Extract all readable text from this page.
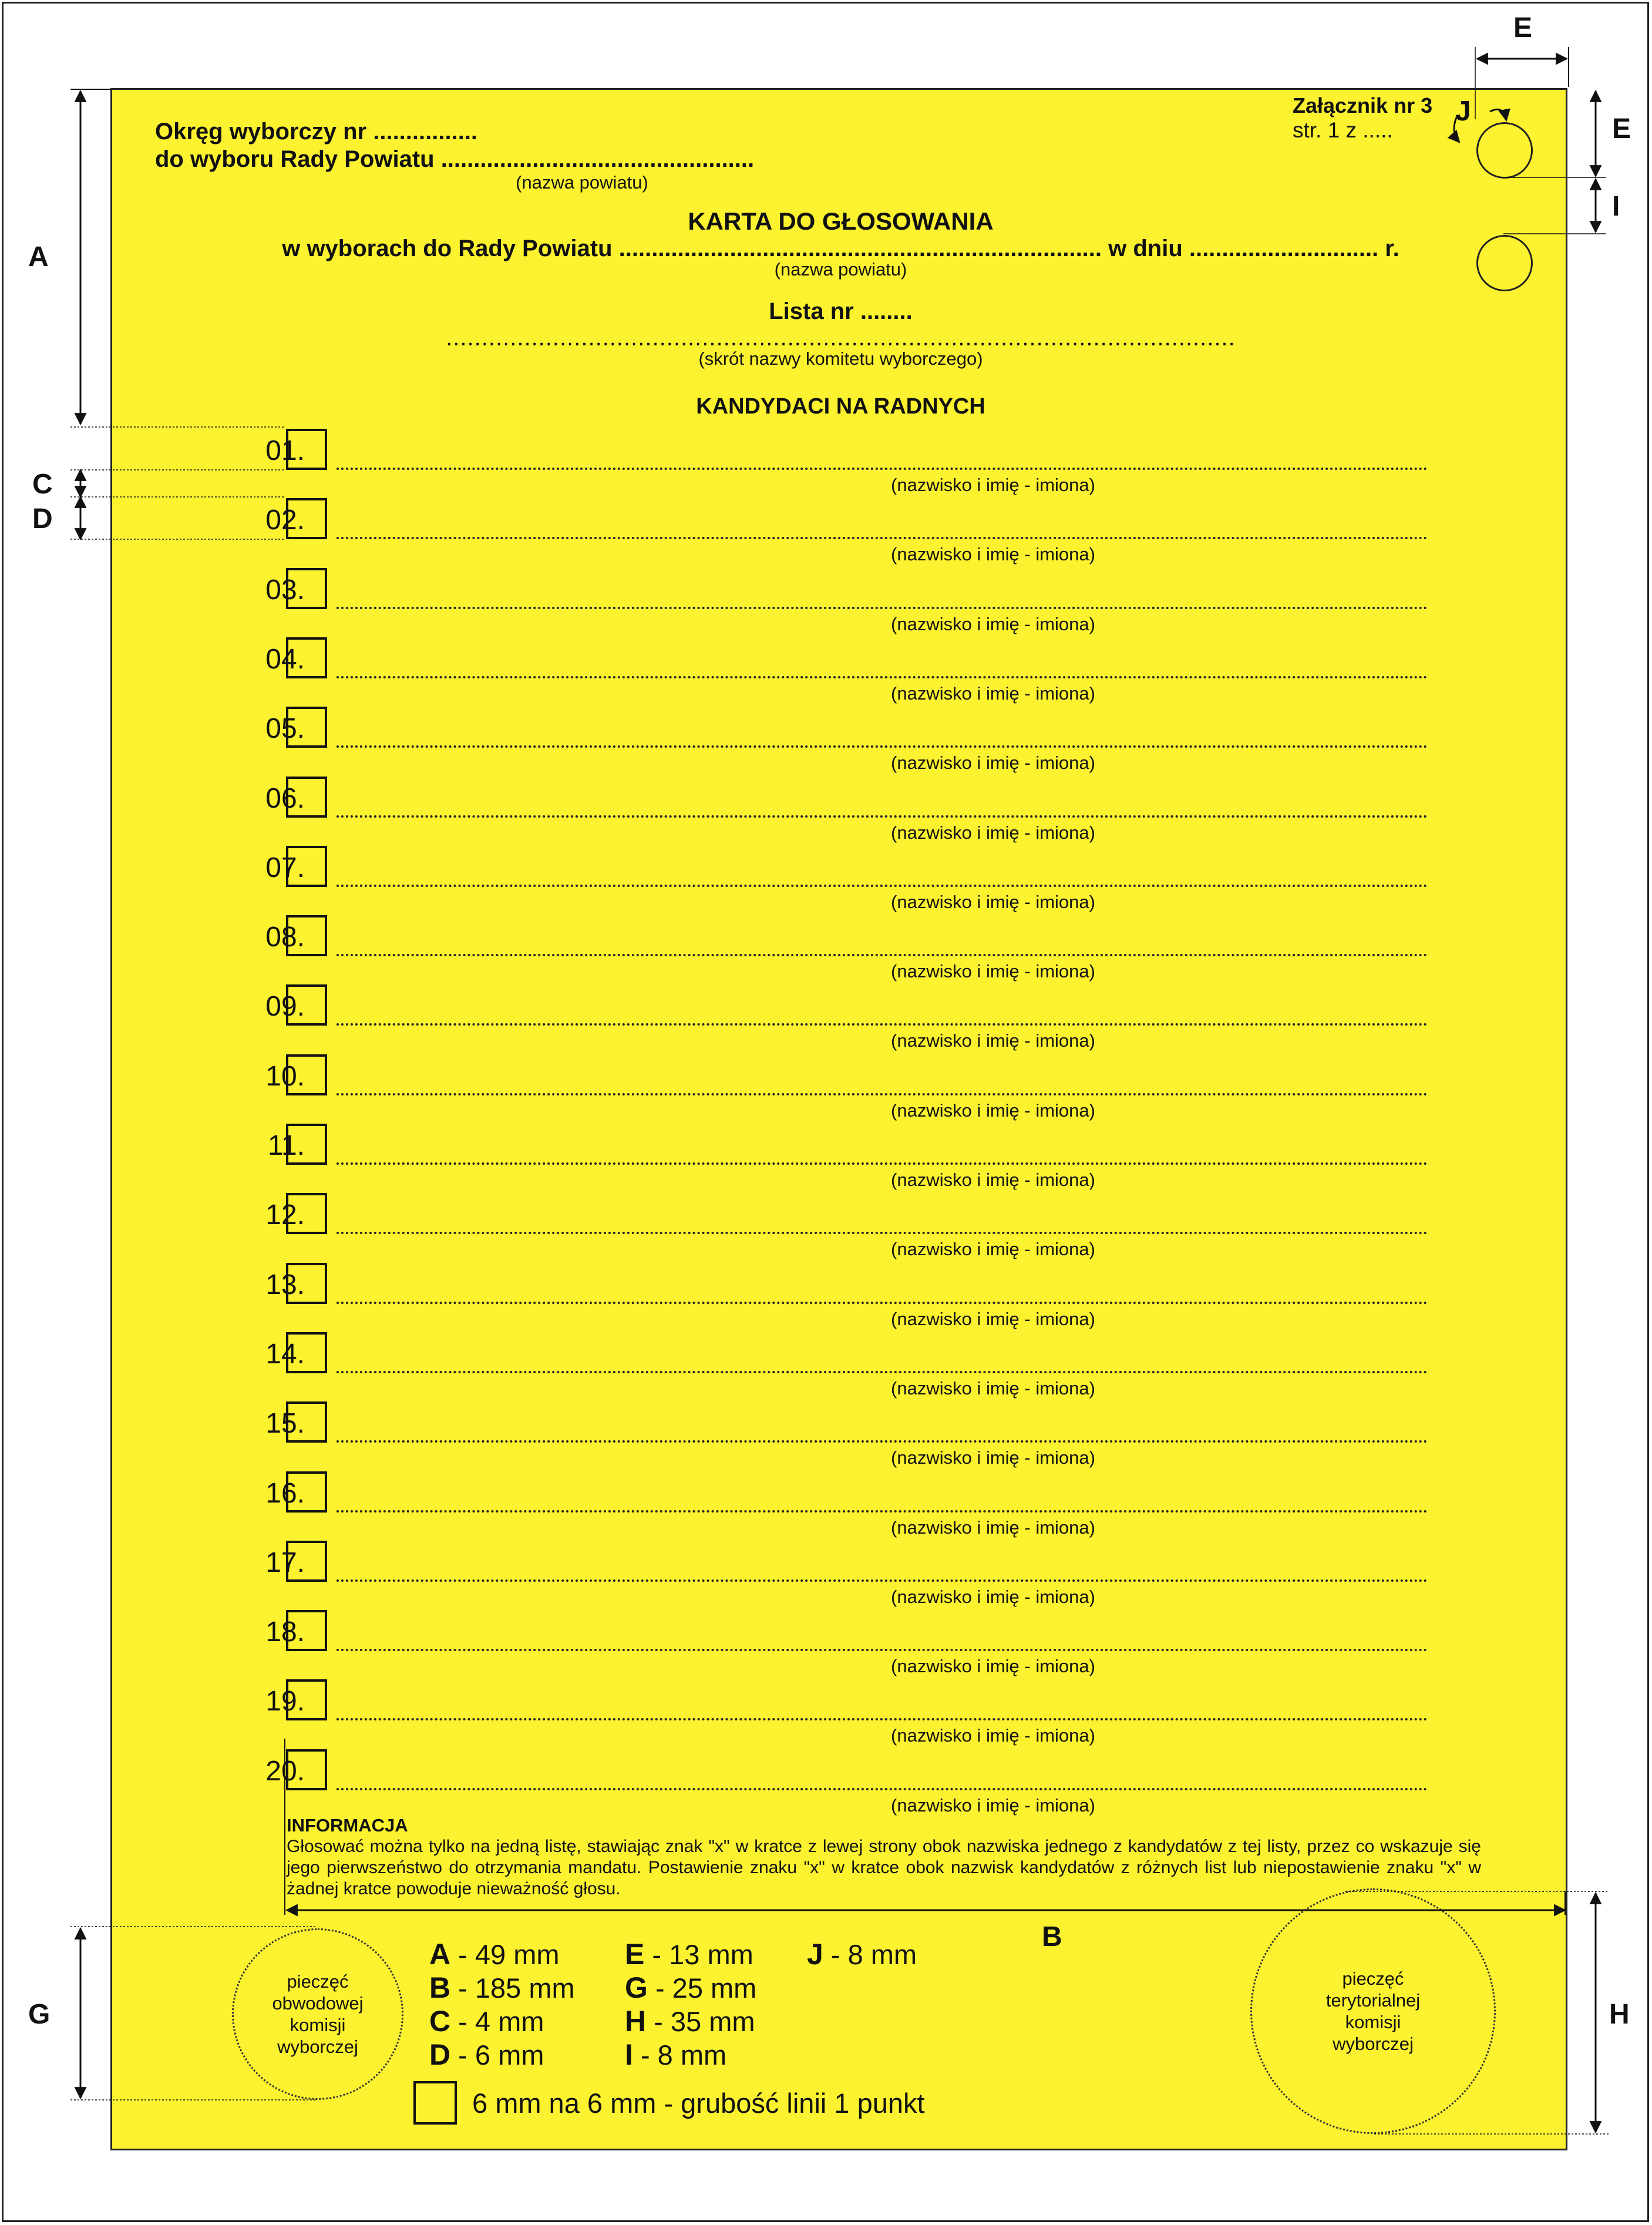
Okręg wyborczy nr ................
do wyboru Rady Powiatu ................................................
(nazwa powiatu)
Załącznik nr 3
str. 1 z .....
KARTA DO GŁOSOWANIA
w wyborach do Rady Powiatu .......................................................................... w dniu ............................. r.
(nazwa powiatu)
Lista nr ........
...............................................................................................................
(skrót nazwy komitetu wyborczego)
KANDYDACI NA RADNYCH
01.
(nazwisko i imię - imiona)
02.
(nazwisko i imię - imiona)
03.
(nazwisko i imię - imiona)
04.
(nazwisko i imię - imiona)
05.
(nazwisko i imię - imiona)
06.
(nazwisko i imię - imiona)
07.
(nazwisko i imię - imiona)
08.
(nazwisko i imię - imiona)
09.
(nazwisko i imię - imiona)
10.
(nazwisko i imię - imiona)
11.
(nazwisko i imię - imiona)
12.
(nazwisko i imię - imiona)
13.
(nazwisko i imię - imiona)
14.
(nazwisko i imię - imiona)
15.
(nazwisko i imię - imiona)
16.
(nazwisko i imię - imiona)
17.
(nazwisko i imię - imiona)
18.
(nazwisko i imię - imiona)
19.
(nazwisko i imię - imiona)
20.
(nazwisko i imię - imiona)
INFORMACJA
Głosować można tylko na jedną listę, stawiając znak "x" w kratce z lewej strony obok nazwiska jednego z kandydatów z tej listy, przez co wskazuje się jego pierwszeństwo do otrzymania mandatu. Postawienie znaku "x" w kratce obok nazwisk kandydatów z różnych list lub niepostawienie znaku "x" w żadnej kratce powoduje nieważność głosu.
pieczęć obwodowej komisji wyborczej
pieczęć terytorialnej komisji wyborczej
A - 49 mm
B - 185 mm
C - 4 mm
D - 6 mm
E - 13 mm
G - 25 mm
H - 35 mm
I - 8 mm
J - 8 mm
6 mm na 6 mm - grubość linii 1 punkt
A
C
D
G
E
E
I
J
B
H
